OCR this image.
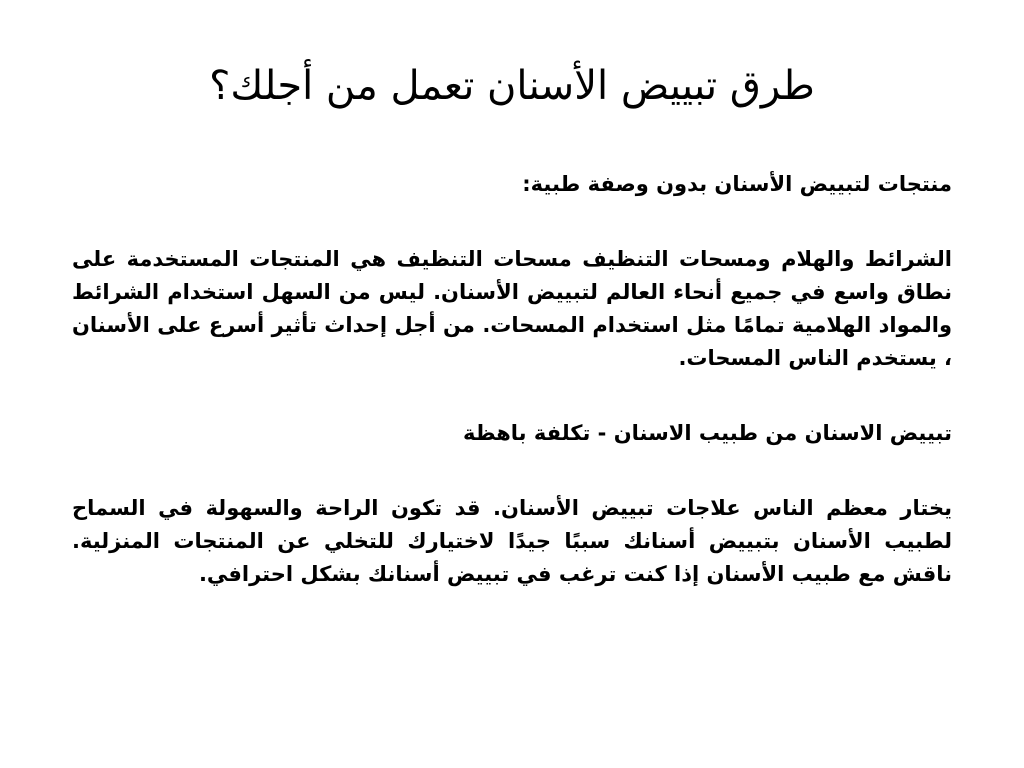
طرق تبييض الأسنان تعمل من أجلك؟

منتجات لتبييض الأسنان بدون وصفة طبية:

الشرائط والهلام ومسحات التنظيف مسحات التنظيف هي المنتجات المستخدمة على نطاق واسع في جميع أنحاء العالم لتبييض الأسنان. ليس من السهل استخدام الشرائط والمواد الهلامية تمامًا مثل استخدام المسحات. من أجل إحداث تأثير أسرع على الأسنان ، يستخدم الناس المسحات.

تبييض الاسنان من طبيب الاسنان - تكلفة باهظة

يختار معظم الناس علاجات تبييض الأسنان. قد تكون الراحة والسهولة في السماح لطبيب الأسنان بتبييض أسنانك سببًا جيدًا لاختيارك للتخلي عن المنتجات المنزلية. ناقش مع طبيب الأسنان إذا كنت ترغب في تبييض أسنانك بشكل احترافي.
